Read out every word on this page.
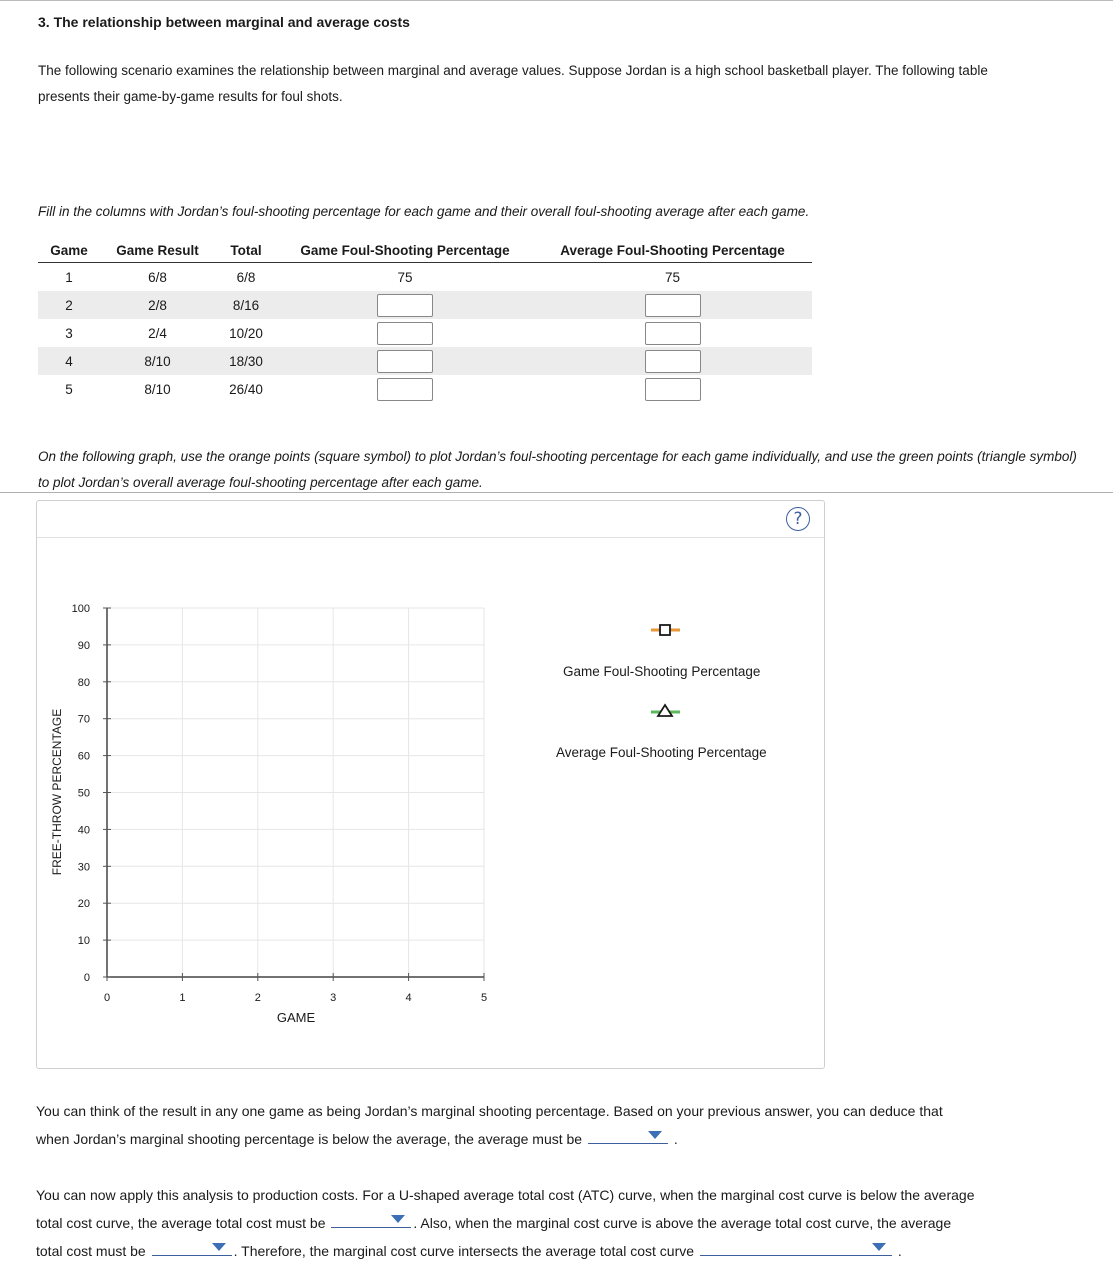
3. The relationship between marginal and average costs
The following scenario examines the relationship between marginal and average values. Suppose Jordan is a high school basketball player. The following table presents their game-by-game results for foul shots.
Fill in the columns with Jordan’s foul-shooting percentage for each game and their overall foul-shooting average after each game.
Game	Game Result	Total	Game Foul-Shooting Percentage	Average Foul-Shooting Percentage
1	6/8	6/8	75	75
2	2/8	8/16		
3	2/4	10/20		
4	8/10	18/30		
5	8/10	26/40		
On the following graph, use the orange points (square symbol) to plot Jordan’s foul-shooting percentage for each game individually, and use the green points (triangle symbol) to plot Jordan’s overall average foul-shooting percentage after each game.
?
0	1	2	3	4	5
0
10
20
30
40
50
60
70
80
90
100
GAME
FREE-THROW PERCENTAGE
Game Foul-Shooting Percentage
Average Foul-Shooting Percentage
You can think of the result in any one game as being Jordan’s marginal shooting percentage. Based on your previous answer, you can deduce that
when Jordan’s marginal shooting percentage is below the average, the average must be	.
You can now apply this analysis to production costs. For a U-shaped average total cost (ATC) curve, when the marginal cost curve is below the average
total cost curve, the average total cost must be	. Also, when the marginal cost curve is above the average total cost curve, the average
total cost must be	. Therefore, the marginal cost curve intersects the average total cost curve	.
